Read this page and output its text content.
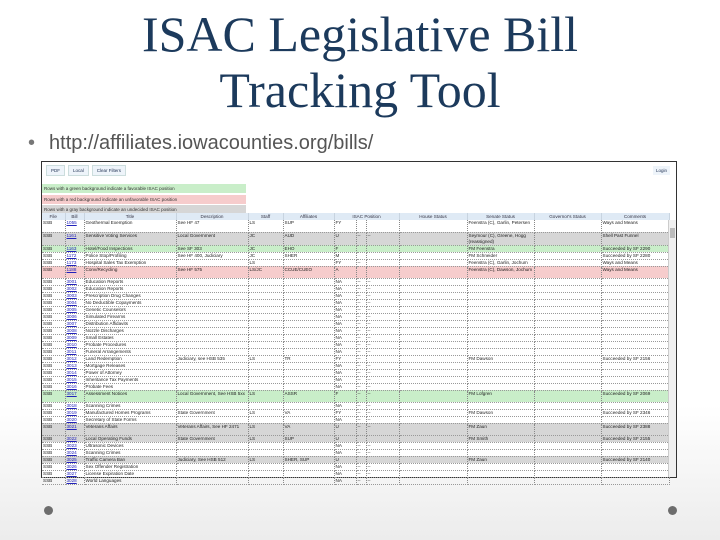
ISAC Legislative Bill
Tracking Tool
• http://affiliates.iowacounties.org/bills/
PDF	Local	Clear Filters	Login
Rows with a green background indicate a favorable ISAC position
Rows with a red background indicate an unfavorable ISAC position
Rows with a gray background indicate an undecided ISAC position
File	Bill	Title	Description	Staff	Affiliates	ISAC Position			House Status	Senate Status	Governor's Status	Comments
SSB	1055	Geothermal Exemption	See HF 47	LS	SUP	FY				Feenstra (C), Garlin, Petersen		Ways and Means
SSB	1161	Sensitive Voting Services	Local Government	JC	AUD	U	--	--		Seymour (C), Greene, Hogg (reassigned)		Shell Past Funnel
SSB	1163	Hotel/Food Inspections	See SF 303	JC	EHO	F				FM Feenstra		Succeeded by SF 2290
SSB	1172	Police Stop/Profiling	See HF 400, Judiciary	JC	SHER	M				FM Schneider		Succeeded by SF 2280
SSB	1173	Hospital Sales Tax Exemption		LS		FY	--			Feenstra (C), Garlin, Jochum		Ways and Means
SSB	1188	Conv/Recycling	See HF 575	LS/JC	CCUE/CUEO	A				Feenstra (C), Dawson, Jochum		Ways and Means
SSB	3001	Education Reports				NA	--	--				
SSB	3002	Education Reports				NA	--	--				
SSB	3003	Prescription Drug Changes				NA	--	--				
SSB	3004	No Deductible Copayments				NA	--	--				
SSB	3005	Genetic Counselors				NA	--	--				
SSB	3006	Simulated Firearms				NA	--	--				
SSB	3007	Distribution Affidavits				NA	--	--				
SSB	3008	Nozzle Discharges				NA	--	--				
SSB	3009	Small Estates				NA	--	--				
SSB	3010	Probate Procedures				NA	--	--				
SSB	3011	Funeral Arrangements				NA	--	--				
SSB	3012	Land Redemption	Judiciary, see HSB 535	LS	TR	FY	--			FM Dawson		Succeeded by SF 2156
SSB	3013	Mortgage Releases				NA	--	--				
SSB	3014	Power of Attorney				NA	--	--				
SSB	3015	Inheritance Tax Payments				NA	--	--				
SSB	3016	Probate Fees				NA	--	--				
SSB	3017	Assessment Notices	Local Government, See HSB 5xx	LS	ASSR	F	--	--		FM Lofgren		Succeeded by SF 2069
SSB	3018	Scanning Crimes				NA	--	--				
SSB	3019	Manufactured Homes Programs	State Government	LS	VA	FY	--	--		FM Dawson		Succeeded by SF 2346
SSB	3020	Secretary of State Forms				NA	--	--				
SSB	3021	Veterans Affairs	Veterans Affairs, See HF 2471	LS	VA	U	--	--		FM Zaun		Succeeded by SF 2388
SSB	3022	Local Operating Funds	State Government	LS	SUP	U				FM Smith		Succeeded by SF 2155
SSB	3023	Ultrasonic Devices				NA	--	--				
SSB	3024	Scanning Crimes				NA	--	--				
SSB	3025	Traffic Camera Ban	Judiciary, See HSB 512	LS	SHER, SUP	U				FM Zaun		Succeeded by SF 2140
SSB	3026	Sex Offender Registration				NA	--	--				
SSB	3027	License Expiration Date				NA	--	--				
SSB	3028	World Languages				NA	--	--				
